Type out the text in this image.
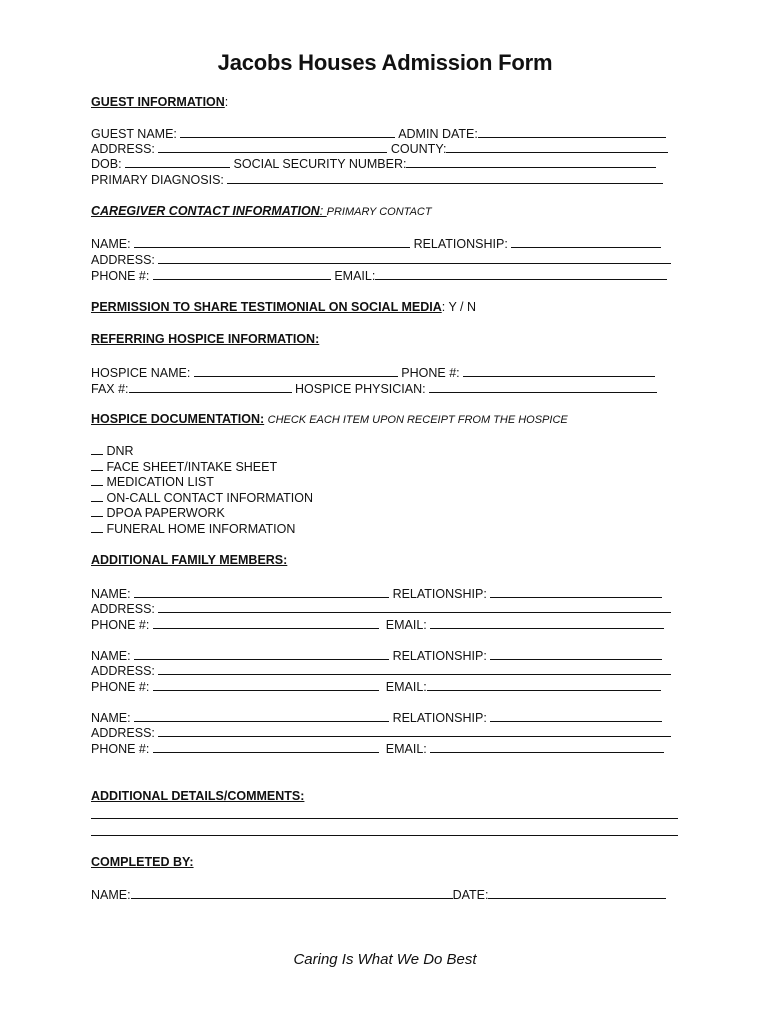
Jacobs Houses Admission Form
GUEST INFORMATION:
GUEST NAME:	ADMIN DATE:
ADDRESS:	COUNTY:
DOB:	SOCIAL SECURITY NUMBER:
PRIMARY DIAGNOSIS:
CAREGIVER CONTACT INFORMATION: PRIMARY CONTACT
NAME:	RELATIONSHIP:
ADDRESS:
PHONE #:	EMAIL:
PERMISSION TO SHARE TESTIMONIAL ON SOCIAL MEDIA: Y / N
REFERRING HOSPICE INFORMATION:
HOSPICE NAME:	PHONE #:
FAX #:	HOSPICE PHYSICIAN:
HOSPICE DOCUMENTATION: CHECK EACH ITEM UPON RECEIPT FROM THE HOSPICE
DNR
FACE SHEET/INTAKE SHEET
MEDICATION LIST
ON-CALL CONTACT INFORMATION
DPOA PAPERWORK
FUNERAL HOME INFORMATION
ADDITIONAL FAMILY MEMBERS:
NAME:	RELATIONSHIP:
ADDRESS:
PHONE #:	EMAIL:
NAME:	RELATIONSHIP:
ADDRESS:
PHONE #:	EMAIL:
NAME:	RELATIONSHIP:
ADDRESS:
PHONE #:	EMAIL:
ADDITIONAL DETAILS/COMMENTS:
COMPLETED BY:
NAME:	DATE:
Caring Is What We Do Best
